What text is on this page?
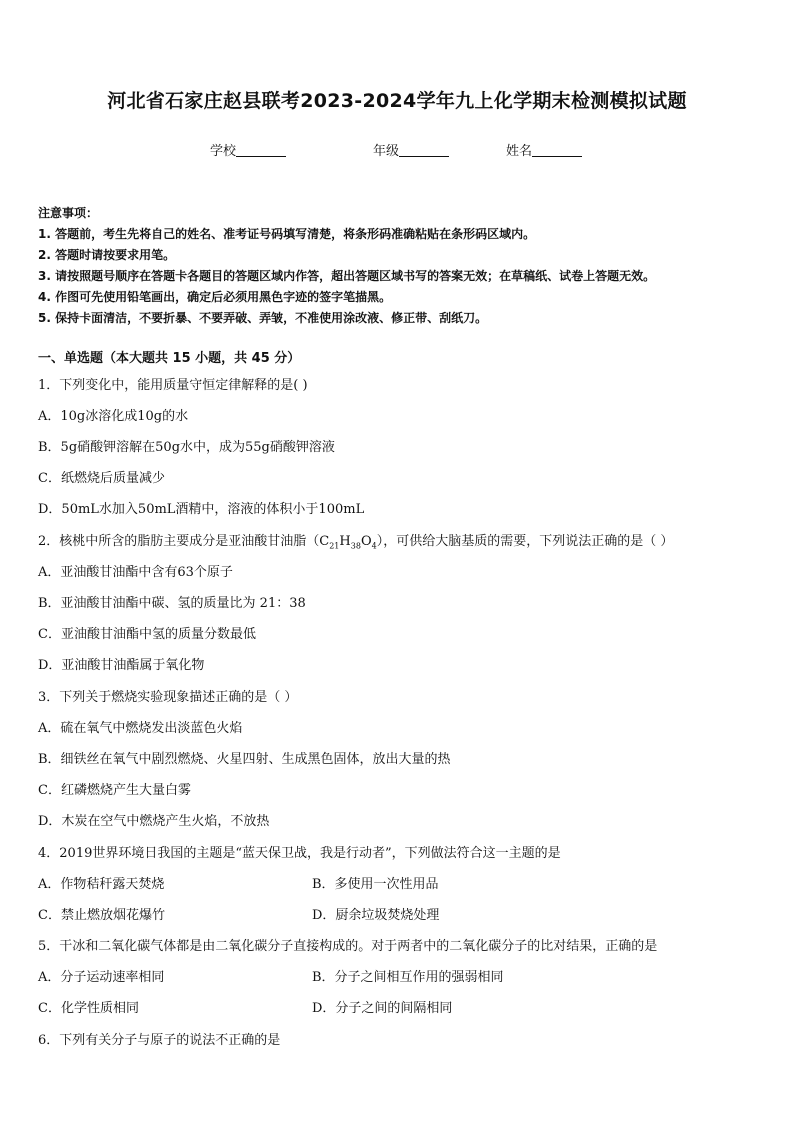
河北省石家庄赵县联考2023-2024学年九上化学期末检测模拟试题
学校	年级	姓名
注意事项：
1. 答题前，考生先将自己的姓名、准考证号码填写清楚，将条形码准确粘贴在条形码区域内。
2. 答题时请按要求用笔。
3. 请按照题号顺序在答题卡各题目的答题区域内作答，超出答题区域书写的答案无效；在草稿纸、试卷上答题无效。
4. 作图可先使用铅笔画出，确定后必须用黑色字迹的签字笔描黑。
5. 保持卡面清洁，不要折暴、不要弄破、弄皱，不准使用涂改液、修正带、刮纸刀。
一、单选题（本大题共 15 小题，共 45 分）
1．下列变化中，能用质量守恒定律解释的是( )
A．10g冰溶化成10g的水
B．5g硝酸钾溶解在50g水中，成为55g硝酸钾溶液
C．纸燃烧后质量减少
D．50mL水加入50mL酒精中，溶液的体积小于100mL
2．核桃中所含的脂肪主要成分是亚油酸甘油脂$(C_{21}H_{38}O_4)$，可供给大脑基质的需要，下列说法正确的是（ ）
A．亚油酸甘油酯中含有63个原子
B．亚油酸甘油酯中碳、氢的质量比为 21：38
C．亚油酸甘油酯中氢的质量分数最低
D．亚油酸甘油酯属于氧化物
3．下列关于燃烧实验现象描述正确的是（ ）
A．硫在氧气中燃烧发出淡蓝色火焰
B．细铁丝在氧气中剧烈燃烧、火星四射、生成黑色固体，放出大量的热
C．红磷燃烧产生大量白雾
D．木炭在空气中燃烧产生火焰，不放热
4．2019世界环境日我国的主题是“蓝天保卫战，我是行动者”，下列做法符合这一主题的是
A．作物秸秆露天焚烧	B．多使用一次性用品
C．禁止燃放烟花爆竹	D．厨余垃圾焚烧处理
5．干冰和二氧化碳气体都是由二氧化碳分子直接构成的。对于两者中的二氧化碳分子的比对结果，正确的是
A．分子运动速率相同	B．分子之间相互作用的强弱相同
C．化学性质相同	D．分子之间的间隔相同
6．下列有关分子与原子的说法不正确的是
